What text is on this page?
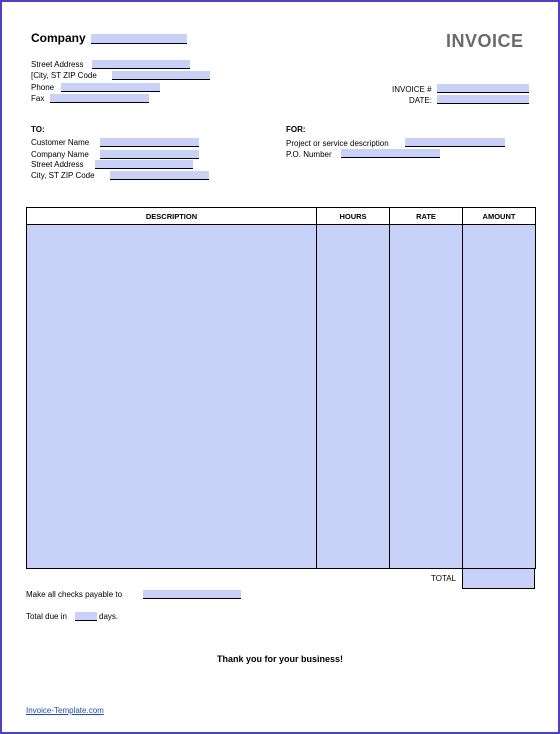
Company	INVOICE
Street Address
[City, ST ZIP Code
Phone
Fax
INVOICE #
DATE:
TO:
Customer Name
Company Name
Street Address
City, ST ZIP Code
FOR:
Project or service description
P.O. Number
DESCRIPTION	HOURS	RATE	AMOUNT

TOTAL
Make all checks payable to
Total due in	days.
Thank you for your business!
Invoice-Template.com
